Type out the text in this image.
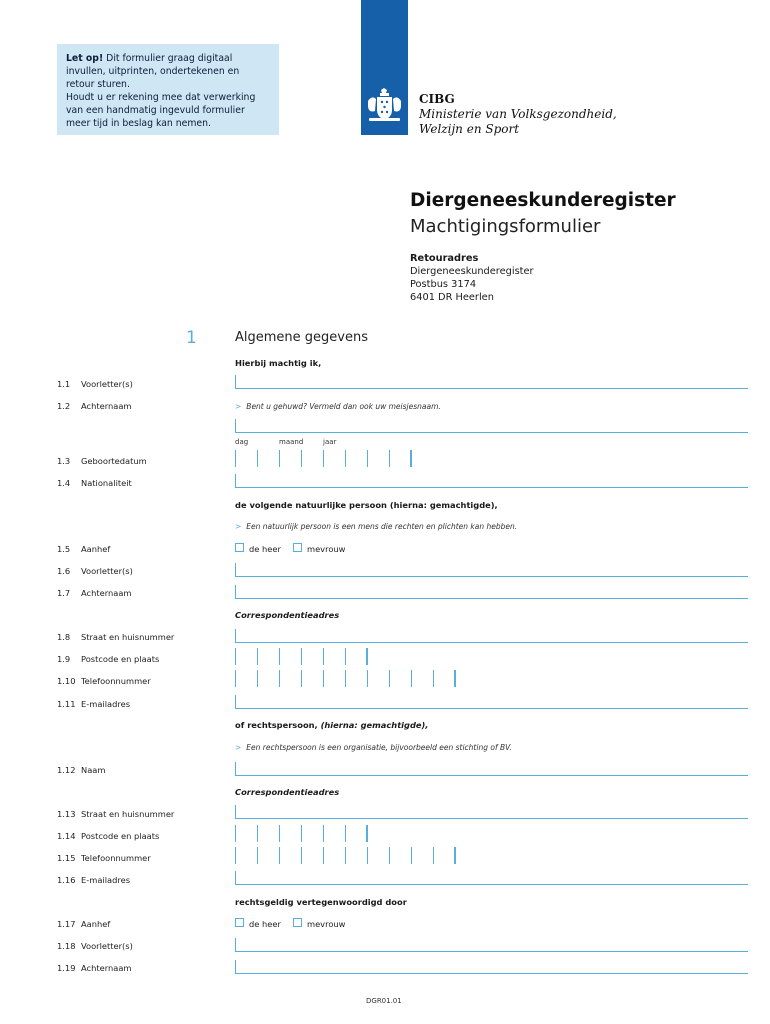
Let op! Dit formulier graag digitaal
invullen, uitprinten, ondertekenen en
retour sturen.
Houdt u er rekening mee dat verwerking
van een handmatig ingevuld formulier
meer tijd in beslag kan nemen.
CIBG
Ministerie van Volksgezondheid,
Welzijn en Sport
Diergeneeskunderegister
Machtigingsformulier
Retouradres
Diergeneeskunderegister
Postbus 3174
6401 DR Heerlen
1	Algemene gegevens
Hierbij machtig ik,
1.1 Voorletter(s)
1.2 Achternaam	> Bent u gehuwd? Vermeld dan ook uw meisjesnaam.
dag	maand	jaar
1.3 Geboortedatum
1.4 Nationaliteit
de volgende natuurlijke persoon (hierna: gemachtigde),
> Een natuurlijk persoon is een mens die rechten en plichten kan hebben.
1.5 Aanhef	de heer	mevrouw
1.6 Voorletter(s)
1.7 Achternaam
Correspondentieadres
1.8 Straat en huisnummer
1.9 Postcode en plaats
1.10 Telefoonnummer
1.11 E-mailadres
of rechtspersoon, (hierna: gemachtigde),
> Een rechtspersoon is een organisatie, bijvoorbeeld een stichting of BV.
1.12 Naam
Correspondentieadres
1.13 Straat en huisnummer
1.14 Postcode en plaats
1.15 Telefoonnummer
1.16 E-mailadres
rechtsgeldig vertegenwoordigd door
1.17 Aanhef	de heer	mevrouw
1.18 Voorletter(s)
1.19 Achternaam
DGR01.01
